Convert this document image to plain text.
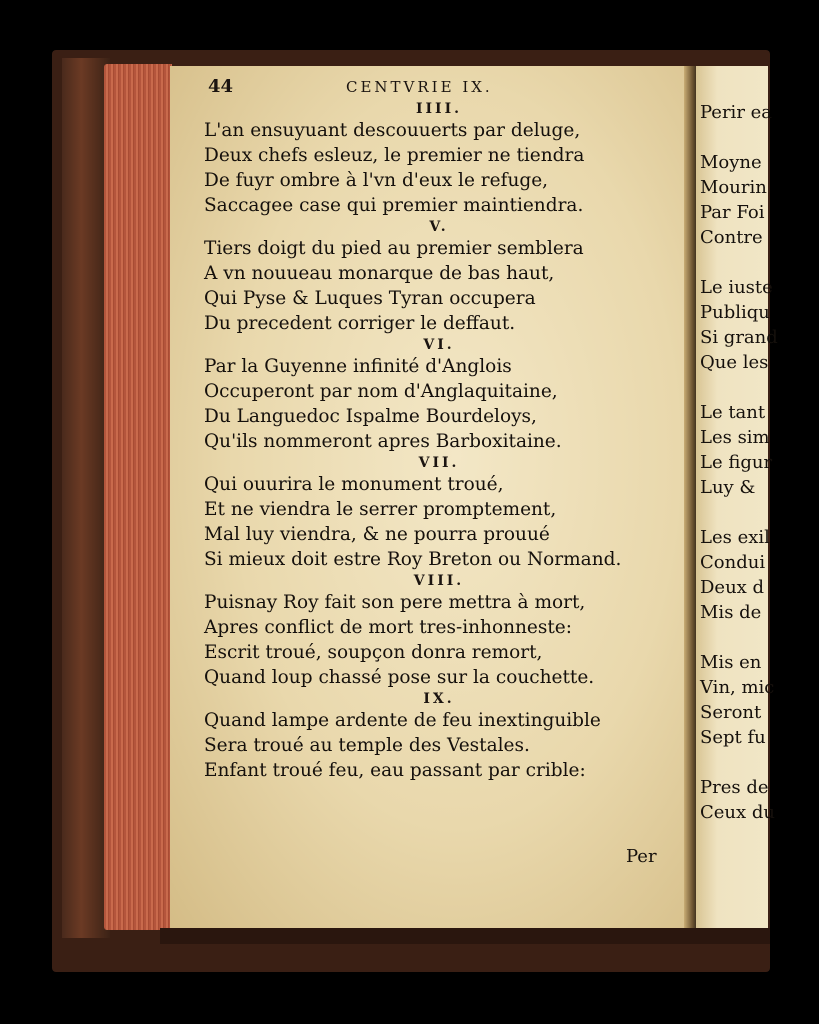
44	CENTVRIE IX.
IIII.
L'an ensuyuant descouuerts par deluge,
Deux chefs esleuz, le premier ne tiendra
De fuyr ombre à l'vn d'eux le refuge,
Saccagee case qui premier maintiendra.
V.
Tiers doigt du pied au premier semblera
A vn nouueau monarque de bas haut,
Qui Pyse & Luques Tyran occupera
Du precedent corriger le deffaut.
VI.
Par la Guyenne infinité d'Anglois
Occuperont par nom d'Anglaquitaine,
Du Languedoc Ispalme Bourdeloys,
Qu'ils nommeront apres Barboxitaine.
VII.
Qui ouurira le monument troué,
Et ne viendra le serrer promptement,
Mal luy viendra, & ne pourra prouué
Si mieux doit estre Roy Breton ou Normand.
VIII.
Puisnay Roy fait son pere mettra à mort,
Apres conflict de mort tres-inhonneste:
Escrit troué, soupçon donra remort,
Quand loup chassé pose sur la couchette.
IX.
Quand lampe ardente de feu inextinguible
Sera troué au temple des Vestales.
Enfant troué feu, eau passant par crible:
Per
Perir ea
Moyne
Mourin
Par Foi
Contre
Le iuste
Publiqu
Si grand
Que les
Le tant
Les sim
Le figur
Luy &
Les exil
Condui
Deux d
Mis de
Mis en
Vin, mic
Seront
Sept fu
Pres de
Ceux du
